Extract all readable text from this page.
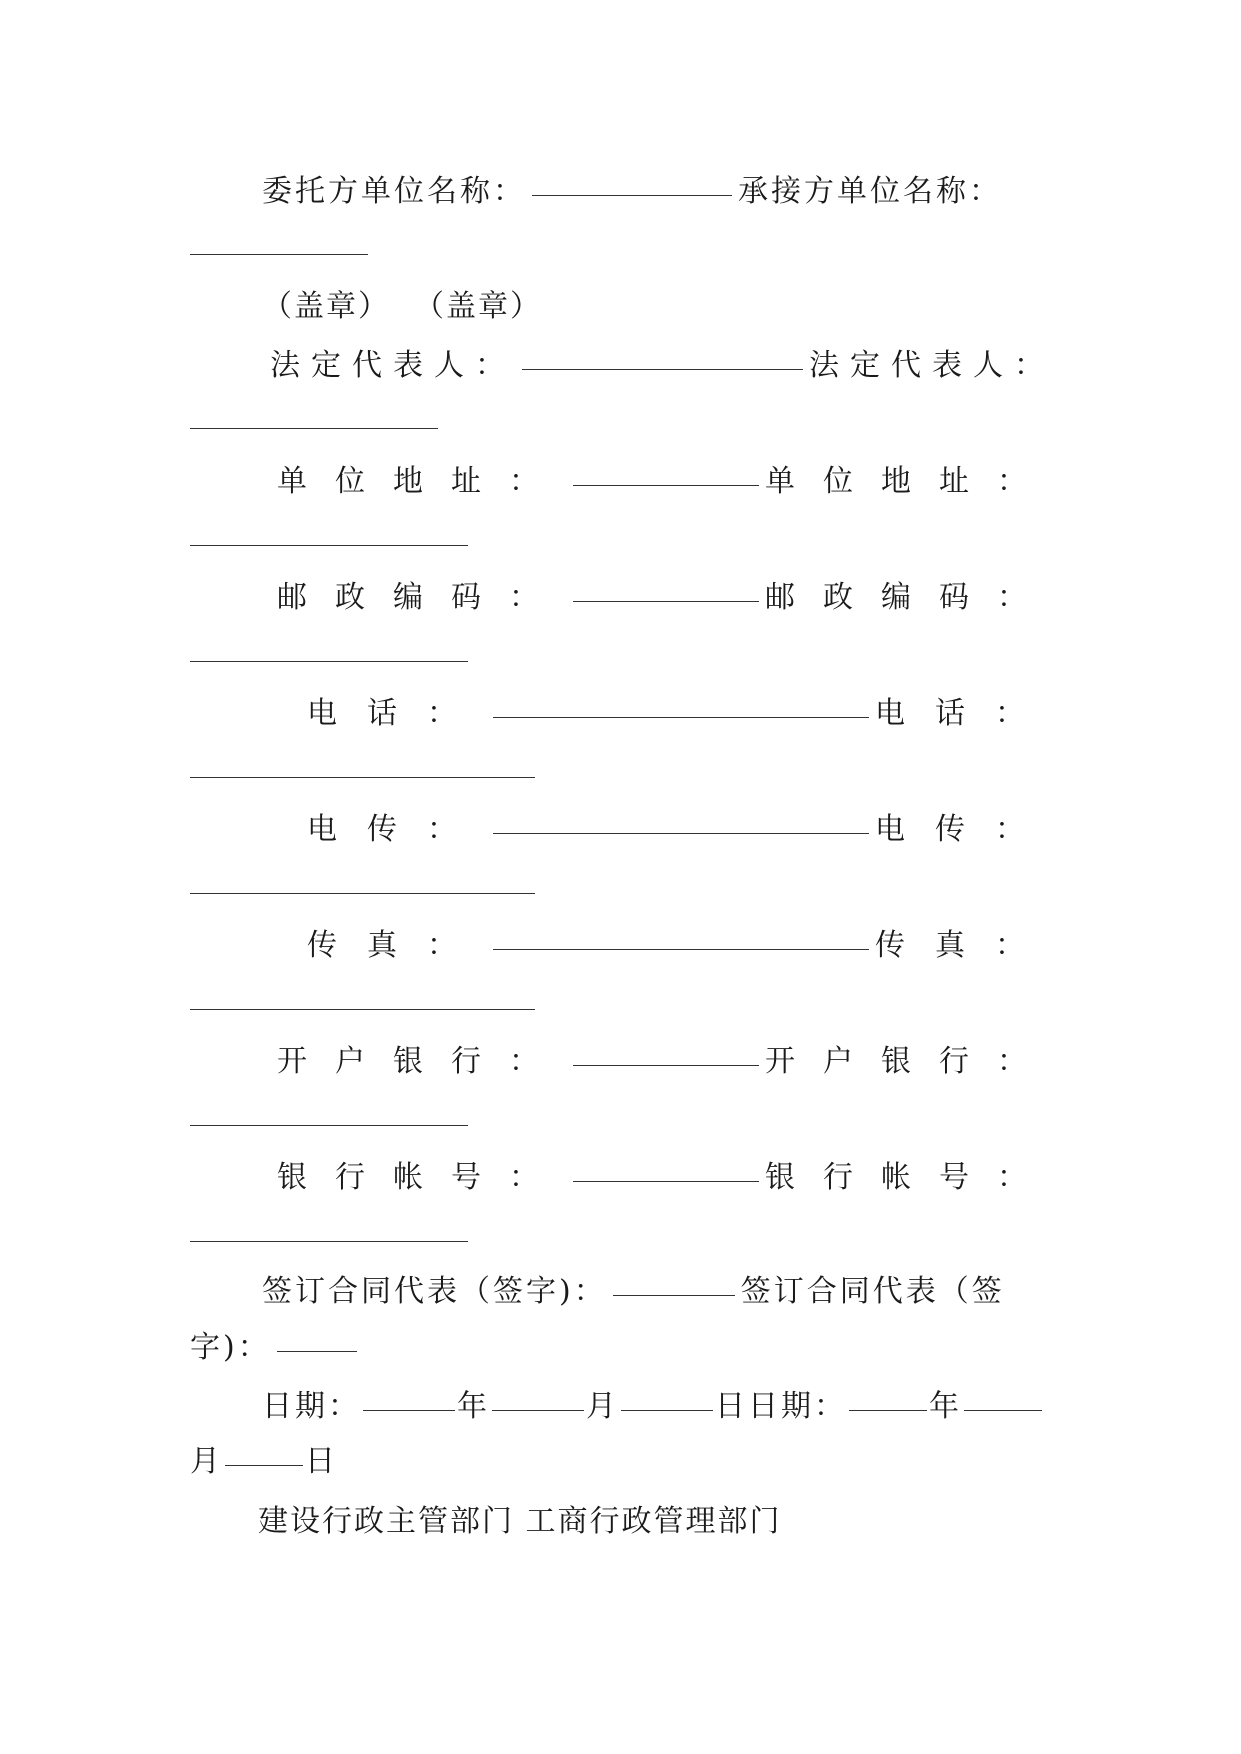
委托方单位名称：	承接方单位名称：
（盖章） （盖章）
法定代表人：	法定代表人：
单位地址：	单位地址：
邮政编码：	邮政编码：
电话：	电话：
电传：	电传：
传真：	传真：
开户银行：	开户银行：
银行帐号：	银行帐号：
签订合同代表（签字)：	签订合同代表（签
字)：
日期：	年	月	日 日期：	年
月	日
建设行政主管部门 工商行政管理部门
